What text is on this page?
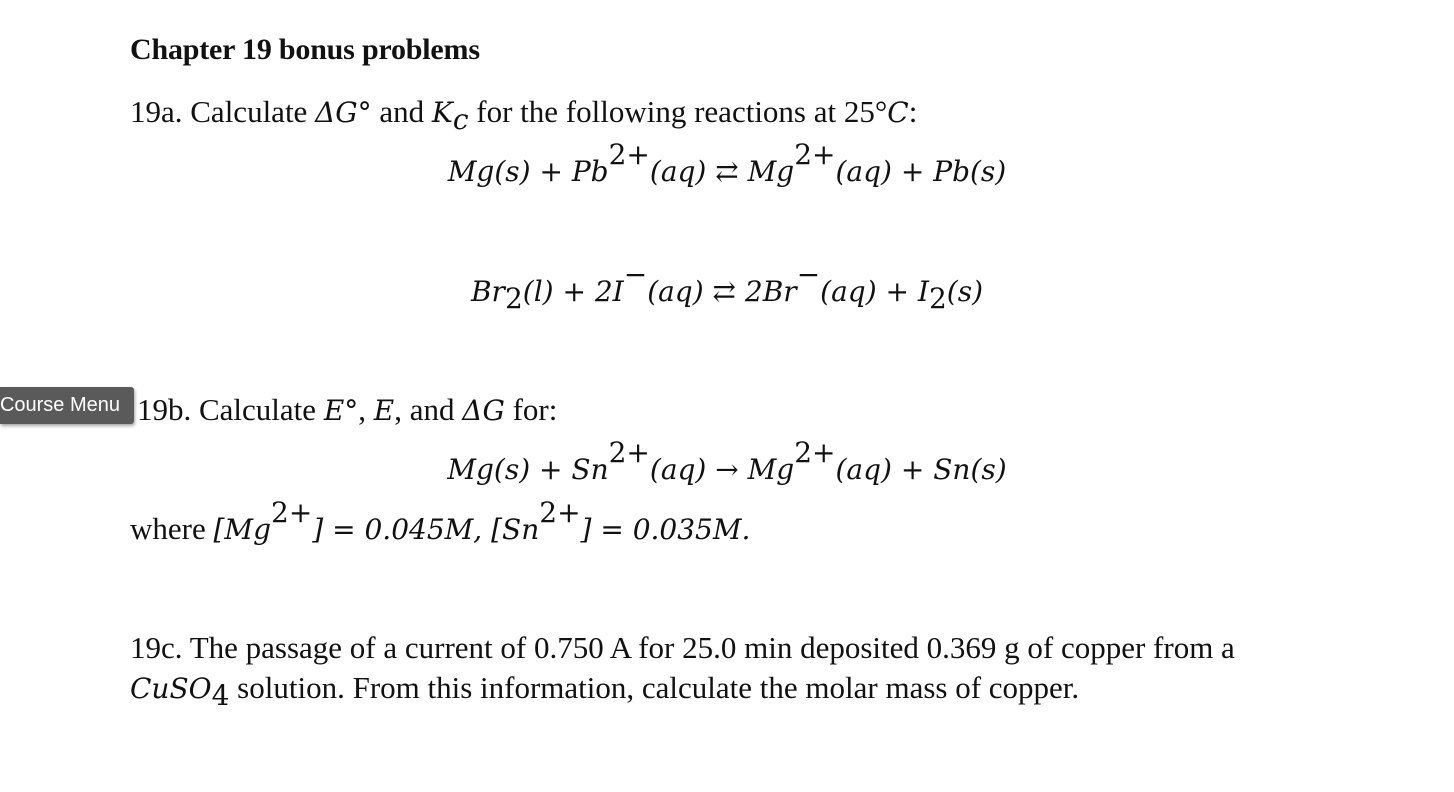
Chapter 19 bonus problems
19a. Calculate ΔG° and $K_c$ for the following reactions at 25°C:
$Mg(s) + Pb^{2+}(aq)$ ⇄ $Mg^{2+}(aq) + Pb(s)$
$Br_2(l) + 2I^-(aq)$ ⇄ $2Br^-(aq) + I_2(s)$
Course Menu 19b. Calculate E°, E, and ΔG for:
$Mg(s) + Sn^{2+}(aq) \to Mg^{2+}(aq) + Sn(s)$
where $[Mg^{2+}] = 0.045M$, $[Sn^{2+}] = 0.035M$.
19c. The passage of a current of 0.750 A for 25.0 min deposited 0.369 g of copper from a
CuSO$_4$ solution. From this information, calculate the molar mass of copper.
